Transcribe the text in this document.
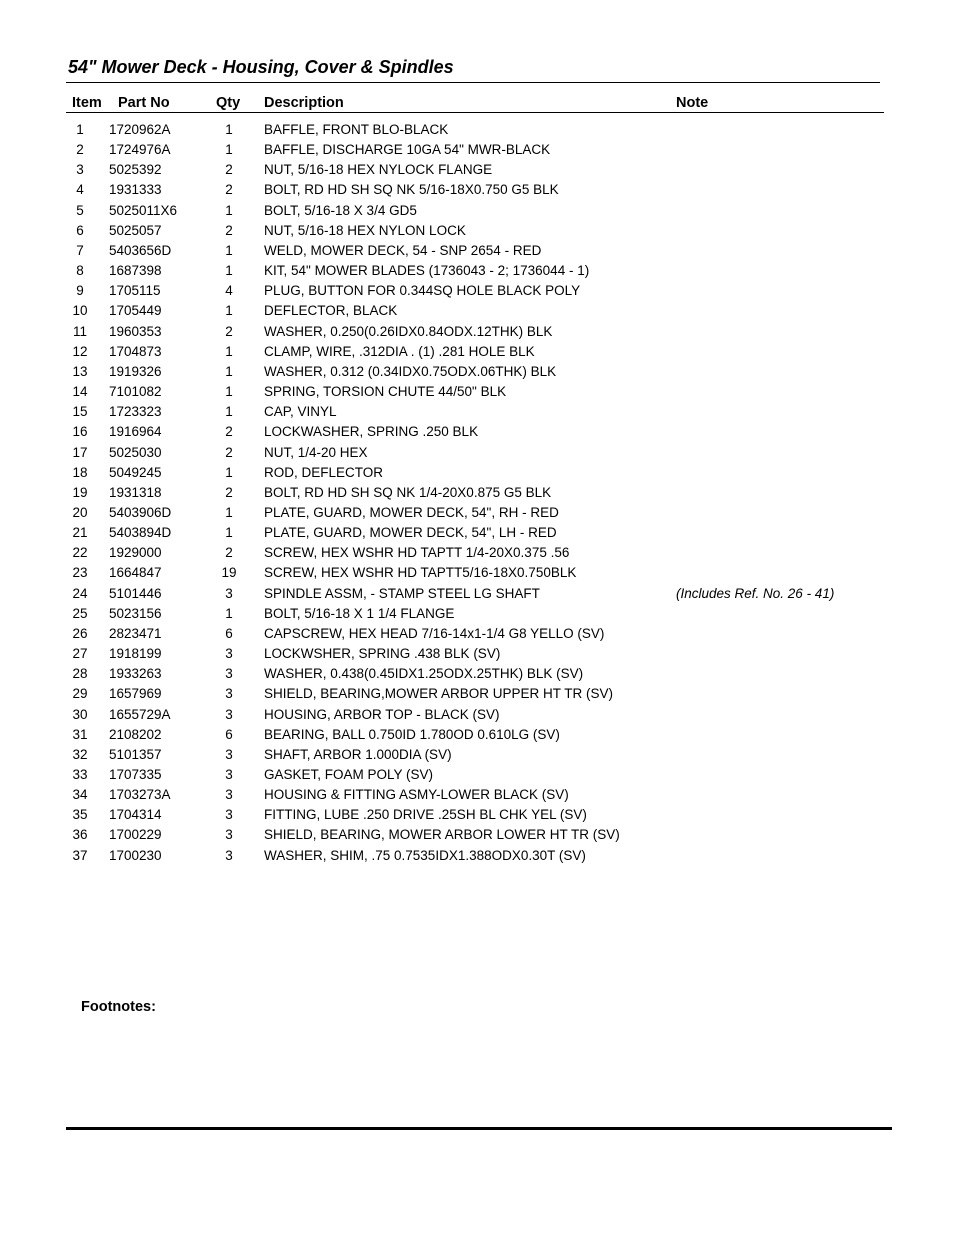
54" Mower Deck - Housing, Cover & Spindles
Item Part No	Qty Description	Note
1	1720962A	1	BAFFLE, FRONT BLO-BLACK
2	1724976A	1	BAFFLE, DISCHARGE 10GA 54" MWR-BLACK
3	5025392	2	NUT, 5/16-18 HEX NYLOCK FLANGE
4	1931333	2	BOLT, RD HD SH SQ NK 5/16-18X0.750 G5 BLK
5	5025011X6	1	BOLT, 5/16-18 X 3/4 GD5
6	5025057	2	NUT, 5/16-18 HEX NYLON LOCK
7	5403656D	1	WELD, MOWER DECK, 54 - SNP 2654 - RED
8	1687398	1	KIT, 54" MOWER BLADES (1736043 - 2; 1736044 - 1)
9	1705115	4	PLUG, BUTTON FOR 0.344SQ HOLE BLACK POLY
10	1705449	1	DEFLECTOR, BLACK
11	1960353	2	WASHER, 0.250(0.26IDX0.84ODX.12THK) BLK
12	1704873	1	CLAMP, WIRE, .312DIA . (1) .281 HOLE BLK
13	1919326	1	WASHER, 0.312 (0.34IDX0.75ODX.06THK) BLK
14	7101082	1	SPRING, TORSION CHUTE 44/50" BLK
15	1723323	1	CAP, VINYL
16	1916964	2	LOCKWASHER, SPRING .250 BLK
17	5025030	2	NUT, 1/4-20 HEX
18	5049245	1	ROD, DEFLECTOR
19	1931318	2	BOLT, RD HD SH SQ NK 1/4-20X0.875 G5 BLK
20	5403906D	1	PLATE, GUARD, MOWER DECK, 54", RH - RED
21	5403894D	1	PLATE, GUARD, MOWER DECK, 54", LH - RED
22	1929000	2	SCREW, HEX WSHR HD TAPTT 1/4-20X0.375 .56
23	1664847	19	SCREW, HEX WSHR HD TAPTT5/16-18X0.750BLK
24	5101446	3	SPINDLE ASSM, - STAMP STEEL LG SHAFT	(Includes Ref. No. 26 - 41)
25	5023156	1	BOLT, 5/16-18 X 1 1/4 FLANGE
26	2823471	6	CAPSCREW, HEX HEAD 7/16-14x1-1/4 G8 YELLO (SV)
27	1918199	3	LOCKWSHER, SPRING .438 BLK (SV)
28	1933263	3	WASHER, 0.438(0.45IDX1.25ODX.25THK) BLK (SV)
29	1657969	3	SHIELD, BEARING,MOWER ARBOR UPPER HT TR (SV)
30	1655729A	3	HOUSING, ARBOR TOP - BLACK (SV)
31	2108202	6	BEARING, BALL 0.750ID 1.780OD 0.610LG (SV)
32	5101357	3	SHAFT, ARBOR 1.000DIA (SV)
33	1707335	3	GASKET, FOAM POLY (SV)
34	1703273A	3	HOUSING & FITTING ASMY-LOWER BLACK (SV)
35	1704314	3	FITTING, LUBE .250 DRIVE .25SH BL CHK YEL (SV)
36	1700229	3	SHIELD, BEARING, MOWER ARBOR LOWER HT TR (SV)
37	1700230	3	WASHER, SHIM, .75 0.7535IDX1.388ODX0.30T (SV)
Footnotes:
